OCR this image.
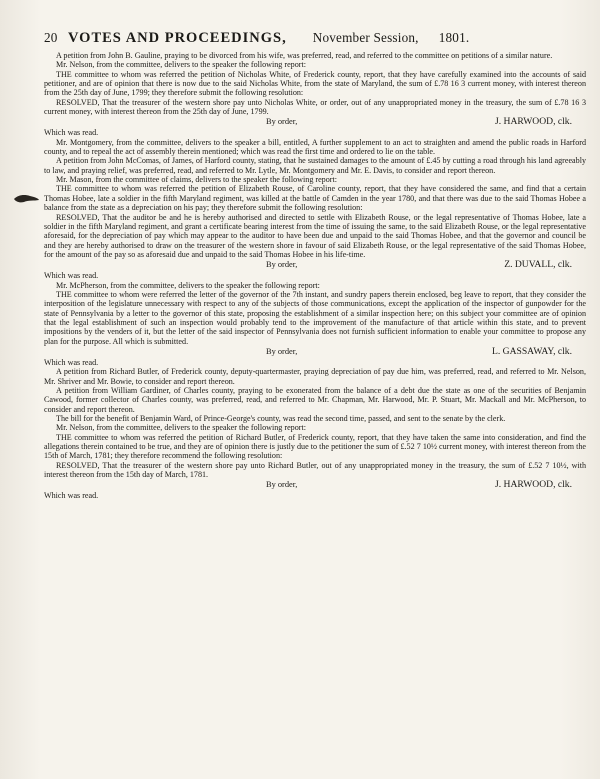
20 VOTES AND PROCEEDINGS, November Session, 1801.

A petition from John B. Gauline, praying to be divorced from his wife, was preferred, read, and referred to the committee on petitions of a similar nature.

Mr. Nelson, from the committee, delivers to the speaker the following report:

THE committee to whom was referred the petition of Nicholas White, of Frederick county, report, that they have carefully examined into the accounts of said petitioner, and are of opinion that there is now due to the said Nicholas White, from the state of Maryland, the sum of £.78 16 3 current money, with interest thereon from the 25th day of June, 1799; they therefore submit the following resolution:

RESOLVED, That the treasurer of the western shore pay unto Nicholas White, or order, out of any unappropriated money in the treasury, the sum of £.78 16 3 current money, with interest thereon from the 25th day of June, 1799.

By order,	J. HARWOOD, clk.

Which was read.

Mr. Montgomery, from the committee, delivers to the speaker a bill, entitled, A further supplement to an act to straighten and amend the public roads in Harford county, and to repeal the act of assembly therein mentioned; which was read the first time and ordered to lie on the table.

A petition from John McComas, of James, of Harford county, stating, that he sustained damages to the amount of £.45 by cutting a road through his land agreeably to law, and praying relief, was preferred, read, and referred to Mr. Lytle, Mr. Montgomery and Mr. E. Davis, to consider and report thereon.

Mr. Mason, from the committee of claims, delivers to the speaker the following report:

THE committee to whom was referred the petition of Elizabeth Rouse, of Caroline county, report, that they have considered the same, and find that a certain Thomas Hobee, late a soldier in the fifth Maryland regiment, was killed at the battle of Camden in the year 1780, and that there was due to the said Thomas Hobee a balance from the state as a depreciation on his pay; they therefore submit the following resolution:

RESOLVED, That the auditor be and he is hereby authorised and directed to settle with Elizabeth Rouse, or the legal representative of Thomas Hobee, late a soldier in the fifth Maryland regiment, and grant a certificate bearing interest from the time of issuing the same, to the said Elizabeth Rouse, or the legal representative aforesaid, for the depreciation of pay which may appear to the auditor to have been due and unpaid to the said Thomas Hobee, and that the governor and council be and they are hereby authorised to draw on the treasurer of the western shore in favour of said Elizabeth Rouse, or the legal representative of the said Thomas Hobee, for the amount of the pay so as aforesaid due and unpaid to the said Thomas Hobee in his life-time.

By order,	Z. DUVALL, clk.

Which was read.

Mr. McPherson, from the committee, delivers to the speaker the following report:

THE committee to whom were referred the letter of the governor of the 7th instant, and sundry papers therein enclosed, beg leave to report, that they consider the interposition of the legislature unnecessary with respect to any of the subjects of those communications, except the application of the inspector of gunpowder for the state of Pennsylvania by a letter to the governor of this state, proposing the establishment of a similar inspection here; on this subject your committee are of opinion that the legal establishment of such an inspection would probably tend to the improvement of the manufacture of that article within this state, and to prevent impositions by the venders of it, but the letter of the said inspector of Pennsylvania does not furnish sufficient information to enable your committee to propose any plan for the purpose. All which is submitted.

By order,	L. GASSAWAY, clk.

Which was read.

A petition from Richard Butler, of Frederick county, deputy-quartermaster, praying depreciation of pay due him, was preferred, read, and referred to Mr. Nelson, Mr. Shriver and Mr. Bowie, to consider and report thereon.

A petition from William Gardiner, of Charles county, praying to be exonerated from the balance of a debt due the state as one of the securities of Benjamin Cawood, former collector of Charles county, was preferred, read, and referred to Mr. Chapman, Mr. Harwood, Mr. P. Stuart, Mr. Mackall and Mr. McPherson, to consider and report thereon.

The bill for the benefit of Benjamin Ward, of Prince-George's county, was read the second time, passed, and sent to the senate by the clerk.

Mr. Nelson, from the committee, delivers to the speaker the following report:

THE committee to whom was referred the petition of Richard Butler, of Frederick county, report, that they have taken the same into consideration, and find the allegations therein contained to be true, and they are of opinion there is justly due to the petitioner the sum of £.52 7 10½ current money, with interest thereon from the 15th of March, 1781; they therefore recommend the following resolution:

RESOLVED, That the treasurer of the western shore pay unto Richard Butler, out of any unappropriated money in the treasury, the sum of £.52 7 10½, with interest thereon from the 15th day of March, 1781.

By order,	J. HARWOOD, clk.

Which was read.
